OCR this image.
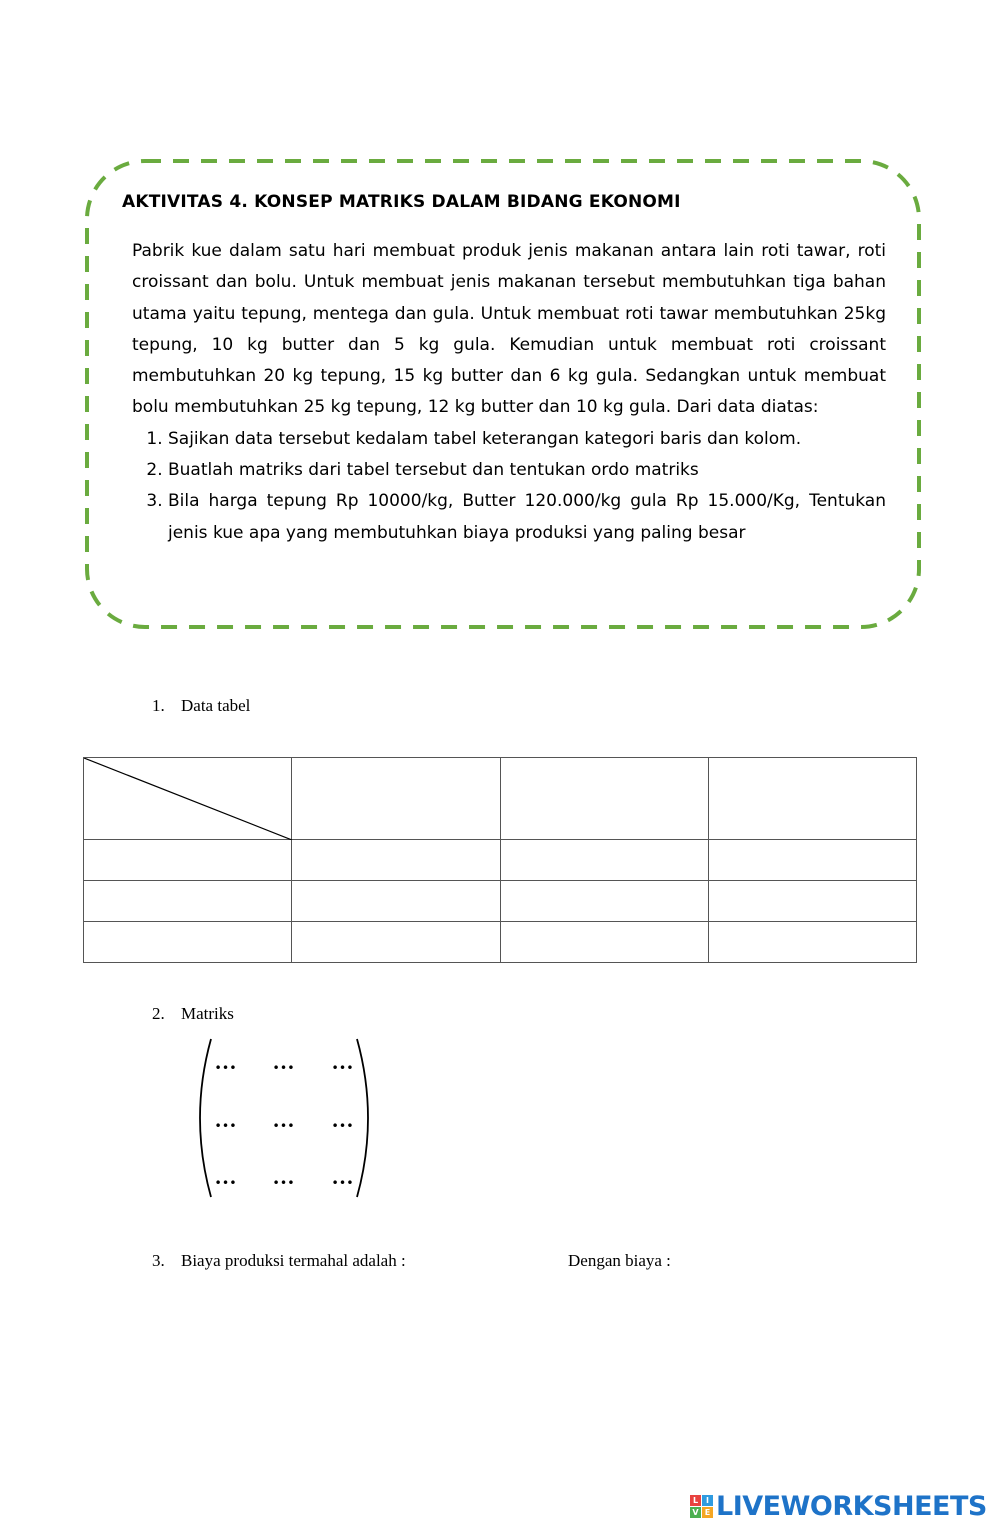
AKTIVITAS 4. KONSEP MATRIKS DALAM BIDANG EKONOMI

Pabrik kue dalam satu hari membuat produk jenis makanan antara lain roti tawar, roti croissant dan bolu. Untuk membuat jenis makanan tersebut membutuhkan tiga bahan utama yaitu tepung, mentega dan gula. Untuk membuat roti tawar membutuhkan 25kg tepung, 10 kg butter dan 5 kg gula. Kemudian untuk membuat roti croissant membutuhkan 20 kg tepung, 15 kg butter dan 6 kg gula. Sedangkan untuk membuat bolu membutuhkan 25 kg tepung, 12 kg butter dan 10 kg gula. Dari data diatas:

1. Sajikan data tersebut kedalam tabel keterangan kategori baris dan kolom.
2. Buatlah matriks dari tabel tersebut dan tentukan ordo matriks
3. Bila harga tepung Rp 10000/kg, Butter 120.000/kg gula Rp 15.000/Kg, Tentukan jenis kue apa yang membutuhkan biaya produksi yang paling besar
1. Data tabel

2. Matriks
…	…	…
…	…	…
…	…	…
3. Biaya produksi termahal adalah :	Dengan biaya :
L I
V E LIVEWORKSHEETS
